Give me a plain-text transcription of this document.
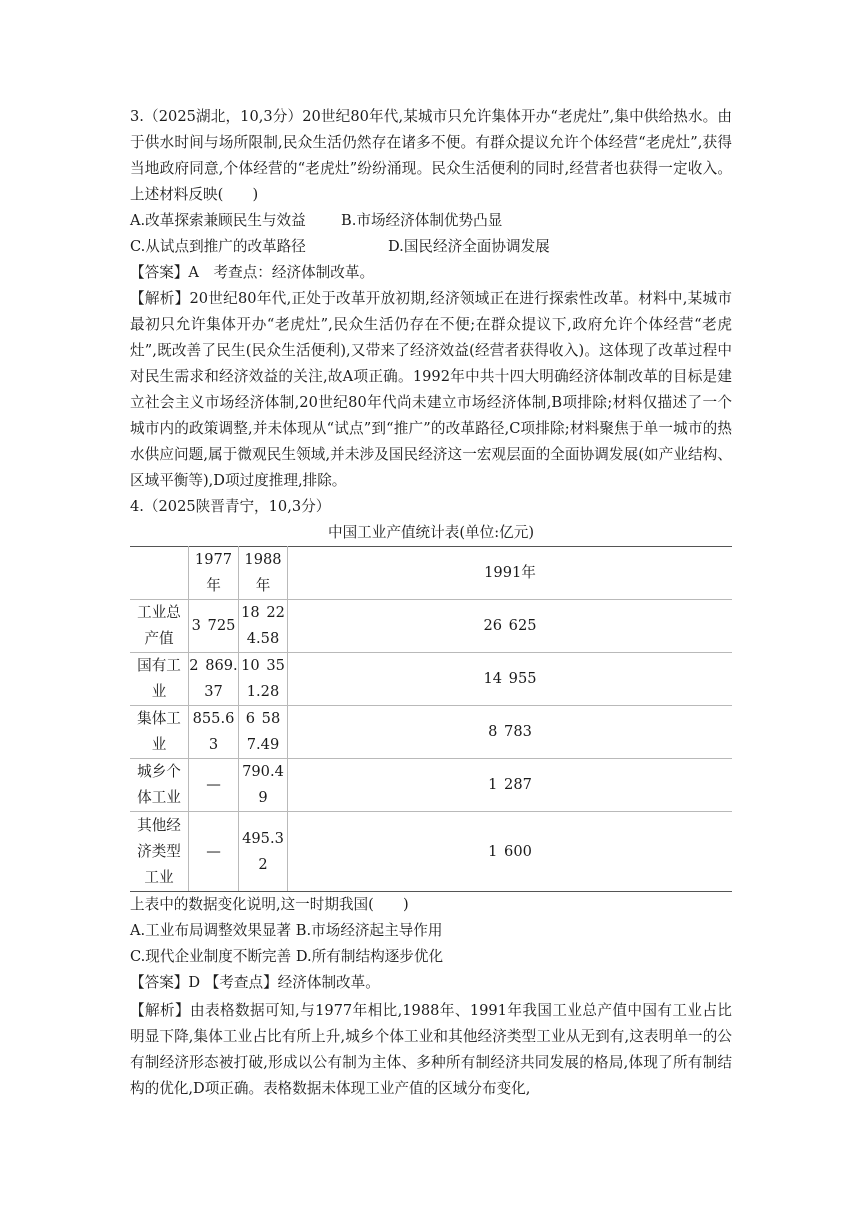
3.（2025湖北，10,3分）20世纪80年代,某城市只允许集体开办“老虎灶”,集中供给热水。由于供水时间与场所限制,民众生活仍然存在诸多不便。有群众提议允许个体经营“老虎灶”,获得当地政府同意,个体经营的“老虎灶”纷纷涌现。民众生活便利的同时,经营者也获得一定收入。上述材料反映(　　)

A.改革探索兼顾民生与效益	B.市场经济体制优势凸显
C.从试点到推广的改革路径	D.国民经济全面协调发展

【答案】A　考查点：经济体制改革。

【解析】20世纪80年代,正处于改革开放初期,经济领域正在进行探索性改革。材料中,某城市最初只允许集体开办“老虎灶”,民众生活仍存在不便;在群众提议下,政府允许个体经营“老虎灶”,既改善了民生(民众生活便利),又带来了经济效益(经营者获得收入)。这体现了改革过程中对民生需求和经济效益的关注,故A项正确。1992年中共十四大明确经济体制改革的目标是建立社会主义市场经济体制,20世纪80年代尚未建立市场经济体制,B项排除;材料仅描述了一个城市内的政策调整,并未体现从“试点”到“推广”的改革路径,C项排除;材料聚焦于单一城市的热水供应问题,属于微观民生领域,并未涉及国民经济这一宏观层面的全面协调发展(如产业结构、区域平衡等),D项过度推理,排除。

4.（2025陕晋青宁，10,3分）

中国工业产值统计表(单位:亿元)
	1977年	1988年	1991年
工业总产值	3 725	18 224.58	26 625
国有工业	2 869.37	10 351.28	14 955
集体工业	855.63	6 587.49	8 783
城乡个体工业	—	790.49	1 287
其他经济类型工业	—	495.32	1 600

上表中的数据变化说明,这一时期我国(　　)

A.工业布局调整效果显著
B.市场经济起主导作用
C.现代企业制度不断完善
D.所有制结构逐步优化

【答案】D 【考查点】经济体制改革。

【解析】由表格数据可知,与1977年相比,1988年、1991年我国工业总产值中国有工业占比明显下降,集体工业占比有所上升,城乡个体工业和其他经济类型工业从无到有,这表明单一的公有制经济形态被打破,形成以公有制为主体、多种所有制经济共同发展的格局,体现了所有制结构的优化,D项正确。表格数据未体现工业产值的区域分布变化,
